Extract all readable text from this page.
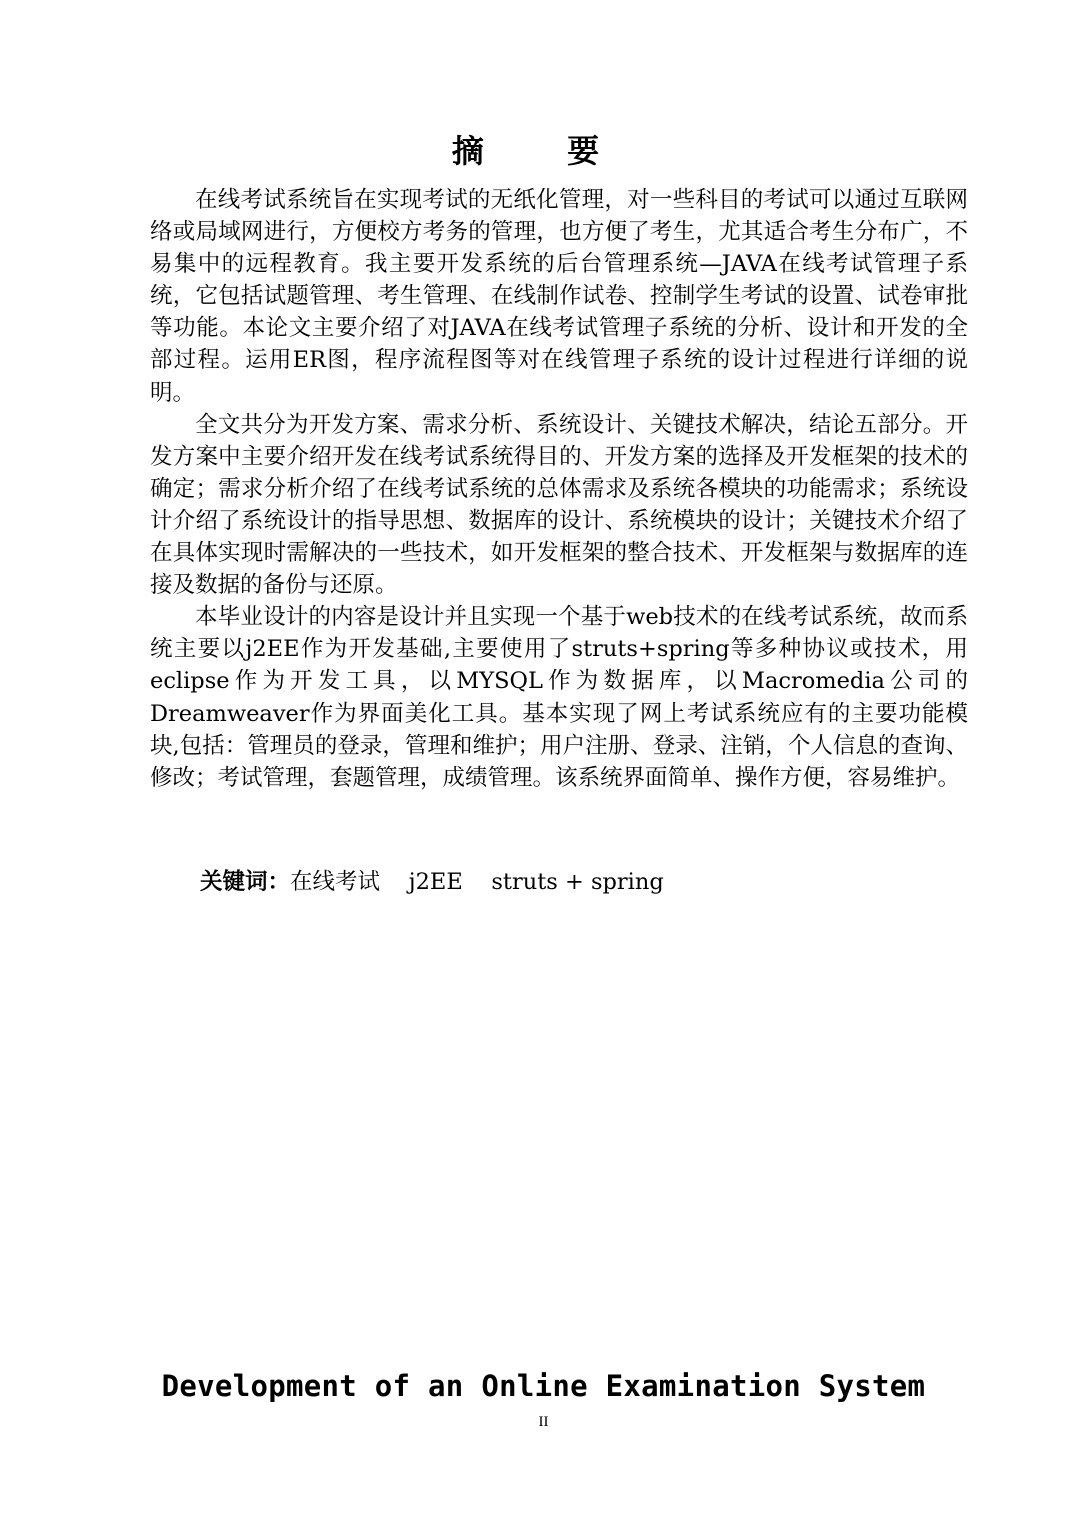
摘 要

在线考试系统旨在实现考试的无纸化管理，对一些科目的考试可以通过互联网络或局域网进行，方便校方考务的管理，也方便了考生，尤其适合考生分布广，不易集中的远程教育。我主要开发系统的后台管理系统—JAVA在线考试管理子系统，它包括试题管理、考生管理、在线制作试卷、控制学生考试的设置、试卷审批等功能。本论文主要介绍了对JAVA在线考试管理子系统的分析、设计和开发的全部过程。运用ER图，程序流程图等对在线管理子系统的设计过程进行详细的说明。

全文共分为开发方案、需求分析、系统设计、关键技术解决，结论五部分。开发方案中主要介绍开发在线考试系统得目的、开发方案的选择及开发框架的技术的确定；需求分析介绍了在线考试系统的总体需求及系统各模块的功能需求；系统设计介绍了系统设计的指导思想、数据库的设计、系统模块的设计；关键技术介绍了在具体实现时需解决的一些技术，如开发框架的整合技术、开发框架与数据库的连接及数据的备份与还原。

本毕业设计的内容是设计并且实现一个基于web技术的在线考试系统，故而系统主要以j2EE作为开发基础,主要使用了struts+spring等多种协议或技术，用eclipse作为开发工具，以MYSQL作为数据库，以Macromedia公司的Dreamweaver作为界面美化工具。基本实现了网上考试系统应有的主要功能模块,包括：管理员的登录，管理和维护；用户注册、登录、注销，个人信息的查询、修改；考试管理，套题管理，成绩管理。该系统界面简单、操作方便，容易维护。

关键词：在线考试    j2EE    struts + spring
Development of an Online Examination System
II
